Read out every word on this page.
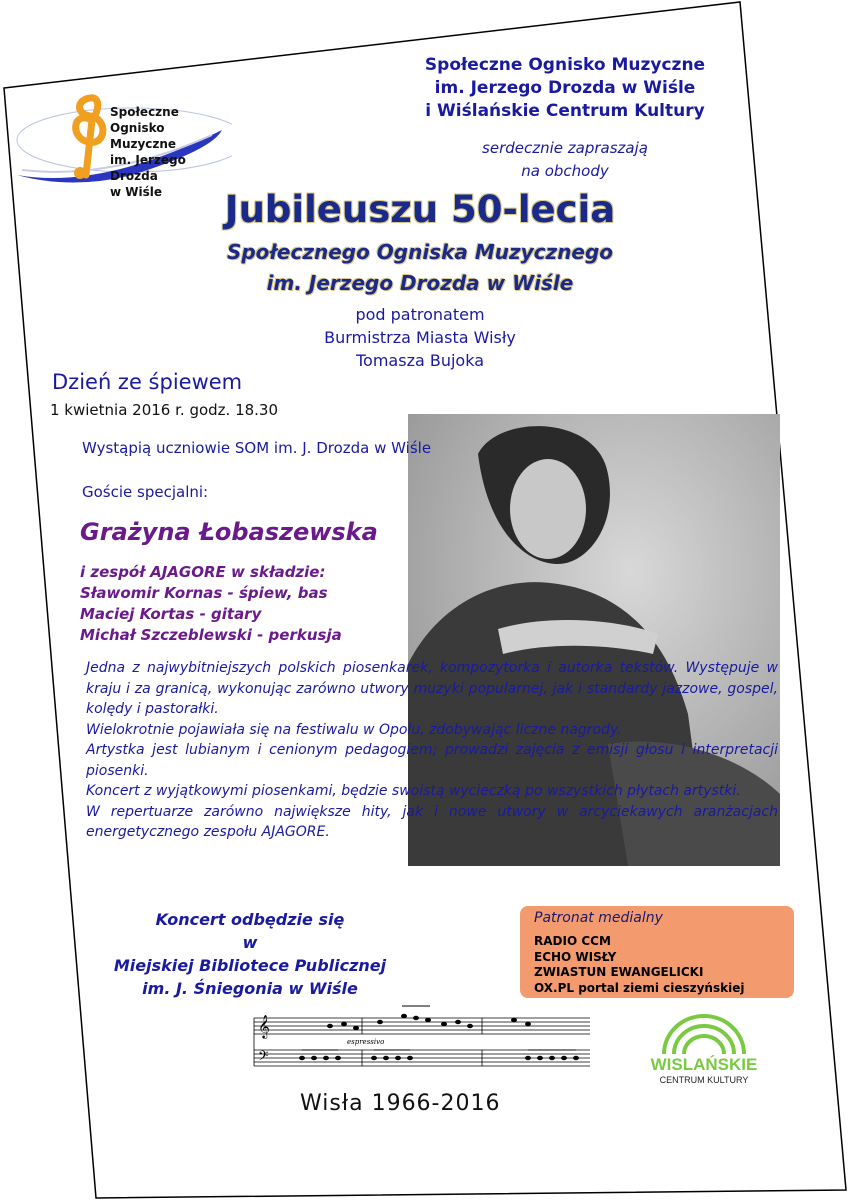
Społeczne Ognisko Muzyczne
im. Jerzego Drozda
w Wiśle
Społeczne Ognisko Muzyczne
im. Jerzego Drozda w Wiśle
i Wiślańskie Centrum Kultury
serdecznie zapraszają
na obchody
Jubileuszu 50-lecia
Społecznego Ogniska Muzycznego
im. Jerzego Drozda w Wiśle
pod patronatem
Burmistrza Miasta Wisły
Tomasza Bujoka
Dzień ze śpiewem
1 kwietnia 2016 r. godz. 18.30
Wystąpią uczniowie SOM im. J. Drozda w Wiśle
Goście specjalni:
Grażyna Łobaszewska
i zespół AJAGORE w składzie:
Sławomir Kornas - śpiew, bas
Maciej Kortas - gitary
Michał Szczeblewski - perkusja

Jedna z najwybitniejszych polskich piosenkarek, kompozytorka i autorka tekstów. Występuje w kraju i za granicą, wykonując zarówno utwory muzyki popularnej, jak i standardy jazzowe, gospel, kolędy i pastorałki.

Wielokrotnie pojawiała się na festiwalu w Opolu, zdobywając liczne nagrody.

Artystka jest lubianym i cenionym pedagogiem; prowadzi zajęcia z emisji głosu i interpretacji piosenki.

Koncert z wyjątkowymi piosenkami, będzie swoistą wycieczką po wszystkich płytach artystki.

W repertuarze zarówno największe hity, jak i nowe utwory w arcyciekawych aranżacjach energetycznego zespołu AJAGORE.

Koncert odbędzie się
w
Miejskiej Bibliotece Publicznej
im. J. Śniegonia w Wiśle
Patronat medialny
RADIO CCM
ECHO WISŁY
ZWIASTUN EWANGELICKI
OX.PL portal ziemi cieszyńskiej
𝄞
𝄢
espressivo
WISLAŃSKIE
CENTRUM KULTURY
Wisła 1966-2016
